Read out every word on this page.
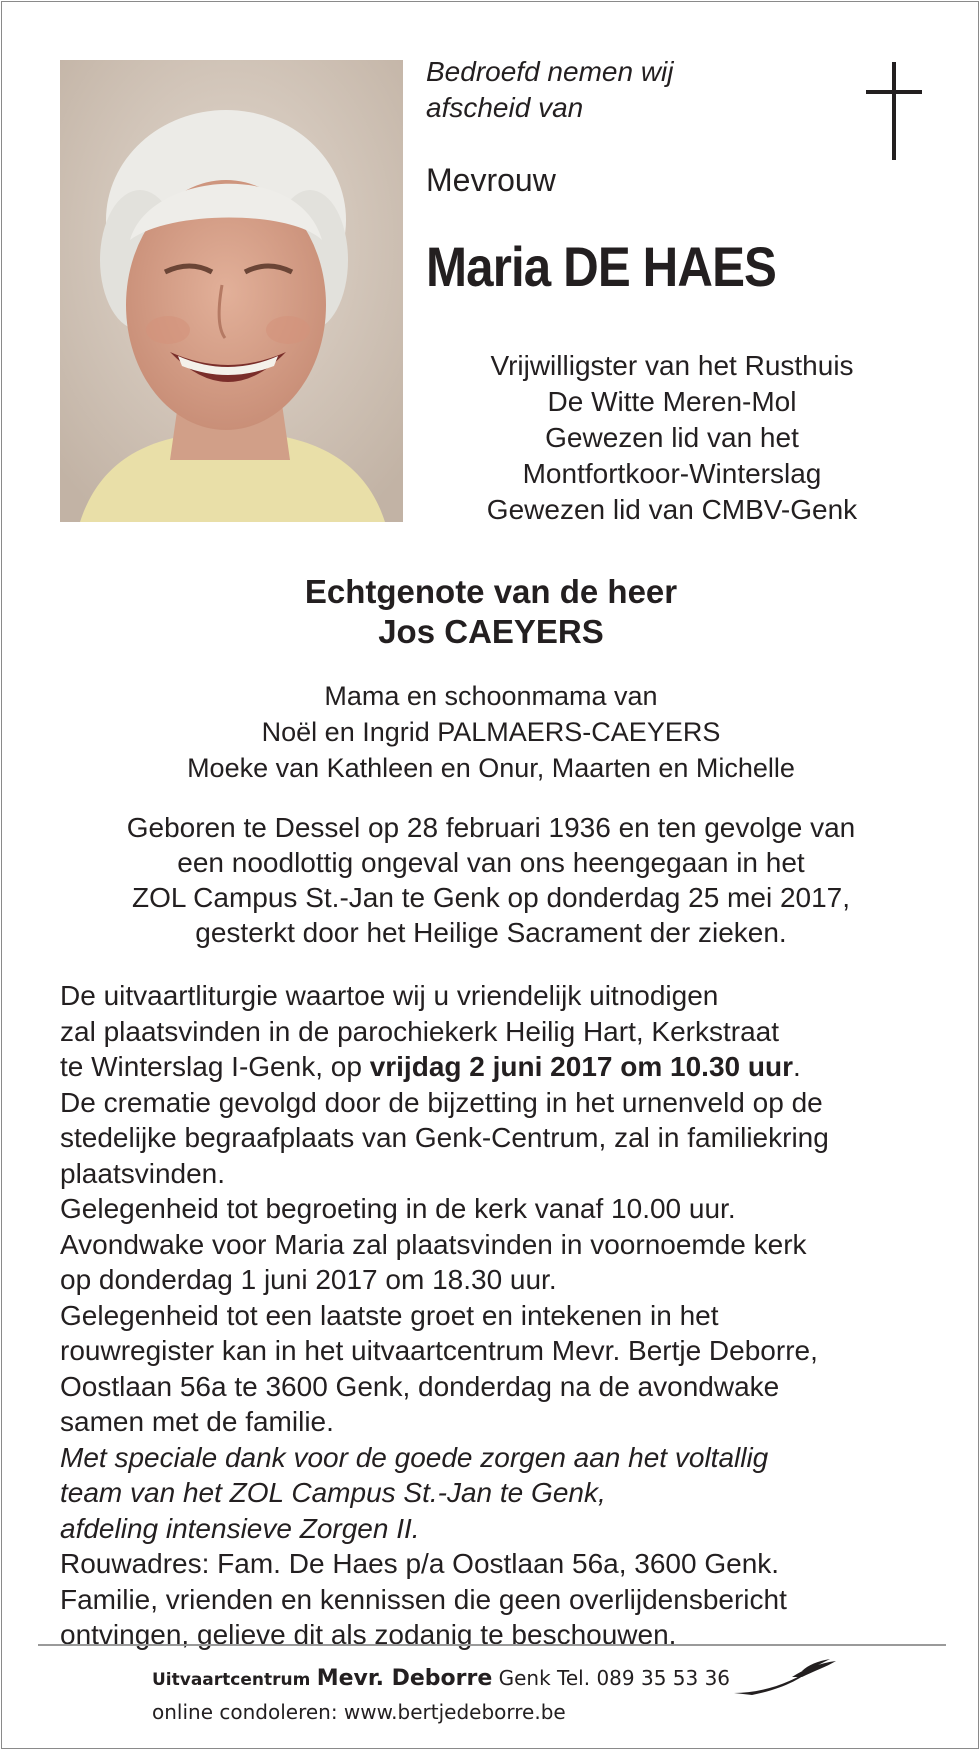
Bedroefd nemen wij
afscheid van
Mevrouw
Maria DE HAES
Vrijwilligster van het Rusthuis
De Witte Meren-Mol
Gewezen lid van het
Montfortkoor-Winterslag
Gewezen lid van CMBV-Genk
Echtgenote van de heer
Jos CAEYERS
Mama en schoonmama van
Noël en Ingrid PALMAERS-CAEYERS
Moeke van Kathleen en Onur, Maarten en Michelle
Geboren te Dessel op 28 februari 1936 en ten gevolge van
een noodlottig ongeval van ons heengegaan in het
ZOL Campus St.-Jan te Genk op donderdag 25 mei 2017,
gesterkt door het Heilige Sacrament der zieken.
De uitvaartliturgie waartoe wij u vriendelijk uitnodigen
zal plaatsvinden in de parochiekerk Heilig Hart, Kerkstraat
te Winterslag I-Genk, op vrijdag 2 juni 2017 om 10.30 uur.
De crematie gevolgd door de bijzetting in het urnenveld op de
stedelijke begraafplaats van Genk-Centrum, zal in familiekring
plaatsvinden.
Gelegenheid tot begroeting in de kerk vanaf 10.00 uur.
Avondwake voor Maria zal plaatsvinden in voornoemde kerk
op donderdag 1 juni 2017 om 18.30 uur.
Gelegenheid tot een laatste groet en intekenen in het
rouwregister kan in het uitvaartcentrum Mevr. Bertje Deborre,
Oostlaan 56a te 3600 Genk, donderdag na de avondwake
samen met de familie.
Met speciale dank voor de goede zorgen aan het voltallig
team van het ZOL Campus St.-Jan te Genk,
afdeling intensieve Zorgen II.
Rouwadres: Fam. De Haes p/a Oostlaan 56a, 3600 Genk.
Familie, vrienden en kennissen die geen overlijdensbericht
ontvingen, gelieve dit als zodanig te beschouwen.
Uitvaartcentrum Mevr. Deborre Genk Tel. 089 35 53 36
online condoleren: www.bertjedeborre.be
